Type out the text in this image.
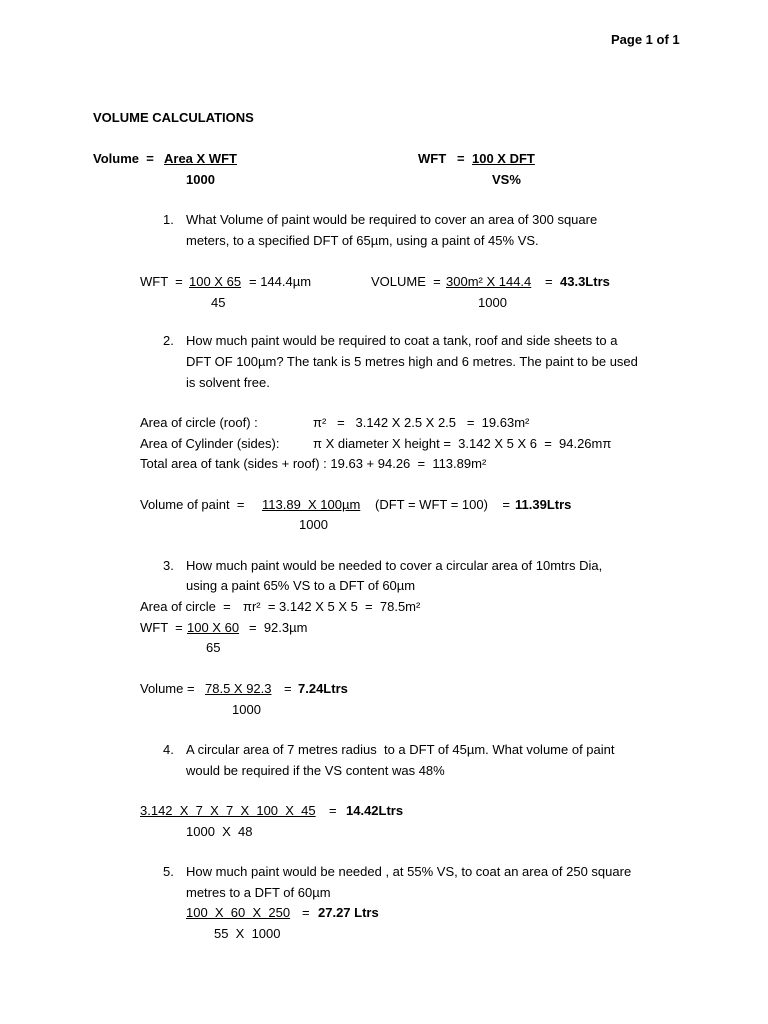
Page 1 of 1
VOLUME CALCULATIONS
Volume  = Area X WFT
1000
WFT   = 100 X DFT
VS%
1. What Volume of paint would be required to cover an area of 300 square
meters, to a specified DFT of 65µm, using a paint of 45% VS.
WFT  = 100 X 65 = 144.4µm
45
VOLUME  = 300m² X 144.4 = 43.3Ltrs
1000
2. How much paint would be required to coat a tank, roof and side sheets to a
DFT OF 100µm? The tank is 5 metres high and 6 metres. The paint to be used
is solvent free.
Area of circle (roof) :	π²   =   3.142 X 2.5 X 2.5   =  19.63m²
Area of Cylinder (sides):	π X diameter X height =  3.142 X 5 X 6  =  94.26mπ
Total area of tank (sides + roof) : 19.63 + 94.26  =  113.89m²
Volume of paint  = 113.89  X 100µm (DFT = WFT = 100)    = 11.39Ltrs
1000
3. How much paint would be needed to cover a circular area of 10mtrs Dia,
using a paint 65% VS to a DFT of 60µm
Area of circle  = πr²  = 3.142 X 5 X 5  =  78.5m²
WFT  = 100 X 60 =  92.3µm
65
Volume = 78.5 X 92.3 = 7.24Ltrs
1000
4. A circular area of 7 metres radius  to a DFT of 45µm. What volume of paint
would be required if the VS content was 48%
3.142  X  7  X  7  X  100  X  45 = 14.42Ltrs
1000  X  48
5. How much paint would be needed , at 55% VS, to coat an area of 250 square
metres to a DFT of 60µm
100  X  60  X  250 = 27.27 Ltrs
55  X  1000
